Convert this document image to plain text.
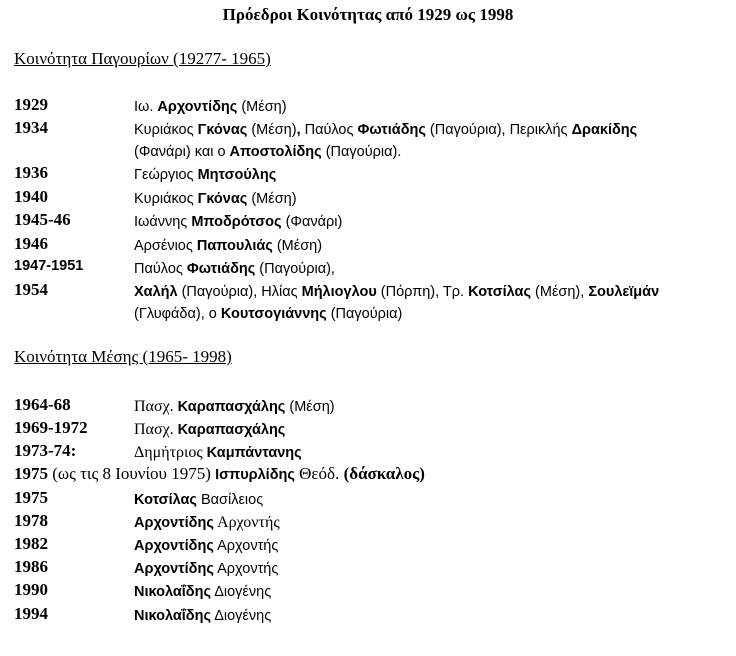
Πρόεδροι Κοινότητας από 1929 ως 1998
Κοινότητα Παγουρίων (19277- 1965)
1929	Ιω. Αρχοντίδης (Μέση)
1934	Κυριάκος Γκόνας (Μέση), Παύλος Φωτιάδης (Παγούρια), Περικλής Δρακίδης
(Φανάρι) και ο Αποστολίδης (Παγούρια).
1936	Γεώργιος Μητσούλης
1940	Κυριάκος Γκόνας (Μέση)
1945-46	Ιωάννης Μποδρότσος (Φανάρι)
1946	Αρσένιος Παπουλιάς (Μέση)
1947-1951	Παύλος Φωτιάδης (Παγούρια),
1954	Χαλήλ (Παγούρια), Ηλίας Μήλιογλου (Πόρπη), Τρ. Κοτσίλας (Μέση), Σουλεϊμάν
(Γλυφάδα), ο Κουτσογιάννης (Παγούρια)
Κοινότητα Μέσης (1965- 1998)
1964-68	Πασχ. Καραπασχάλης (Μέση)
1969-1972	Πασχ. Καραπασχάλης
1973-74:	Δημήτριος Καμπάντανης
1975 (ως τις 8 Ιουνίου 1975) Ισπυρλίδης Θεόδ. (δάσκαλος)
1975	Κοτσίλας Βασίλειος
1978	Αρχοντίδης Αρχοντής
1982	Αρχοντίδης Αρχοντής
1986	Αρχοντίδης Αρχοντής
1990	Νικολαΐδης Διογένης
1994	Νικολαΐδης Διογένης
